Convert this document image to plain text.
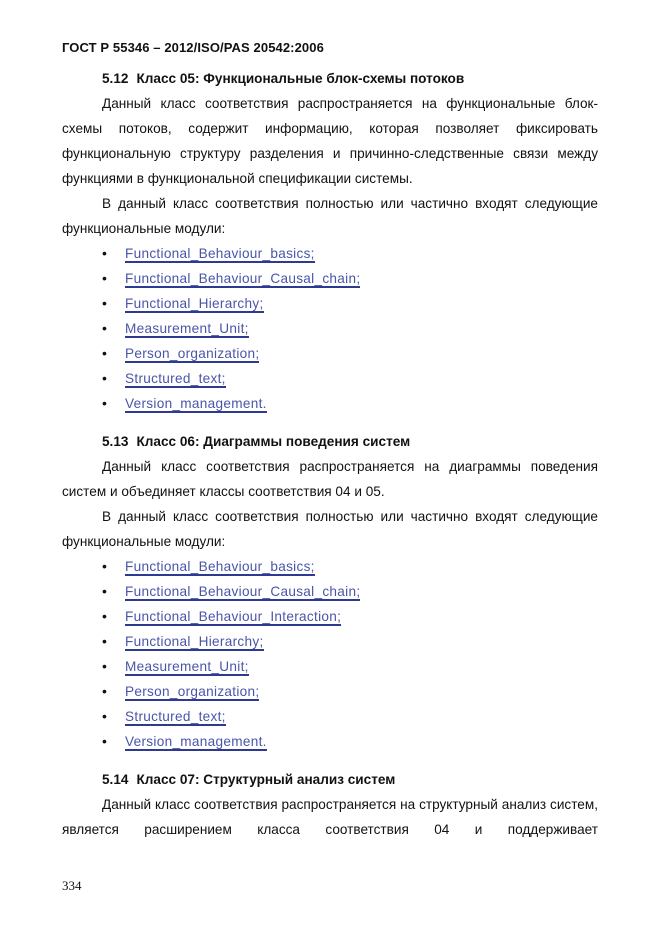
ГОСТ Р 55346 – 2012/ISO/PAS 20542:2006

5.12 Класс 05: Функциональные блок-схемы потоков

Данный класс соответствия распространяется на функциональные блок-схемы потоков, содержит информацию, которая позволяет фиксировать функциональную структуру разделения и причинно-следственные связи между функциями в функциональной спецификации системы.

В данный класс соответствия полностью или частично входят следующие функциональные модули:

•	Functional_Behaviour_basics;
•	Functional_Behaviour_Causal_chain;
•	Functional_Hierarchy;
•	Measurement_Unit;
•	Person_organization;
•	Structured_text;
•	Version_management.

5.13 Класс 06: Диаграммы поведения систем

Данный класс соответствия распространяется на диаграммы поведения систем и объединяет классы соответствия 04 и 05.

В данный класс соответствия полностью или частично входят следующие функциональные модули:

•	Functional_Behaviour_basics;
•	Functional_Behaviour_Causal_chain;
•	Functional_Behaviour_Interaction;
•	Functional_Hierarchy;
•	Measurement_Unit;
•	Person_organization;
•	Structured_text;
•	Version_management.

5.14 Класс 07: Структурный анализ систем

Данный класс соответствия распространяется на структурный анализ систем, является расширением класса соответствия 04 и поддерживает

334
